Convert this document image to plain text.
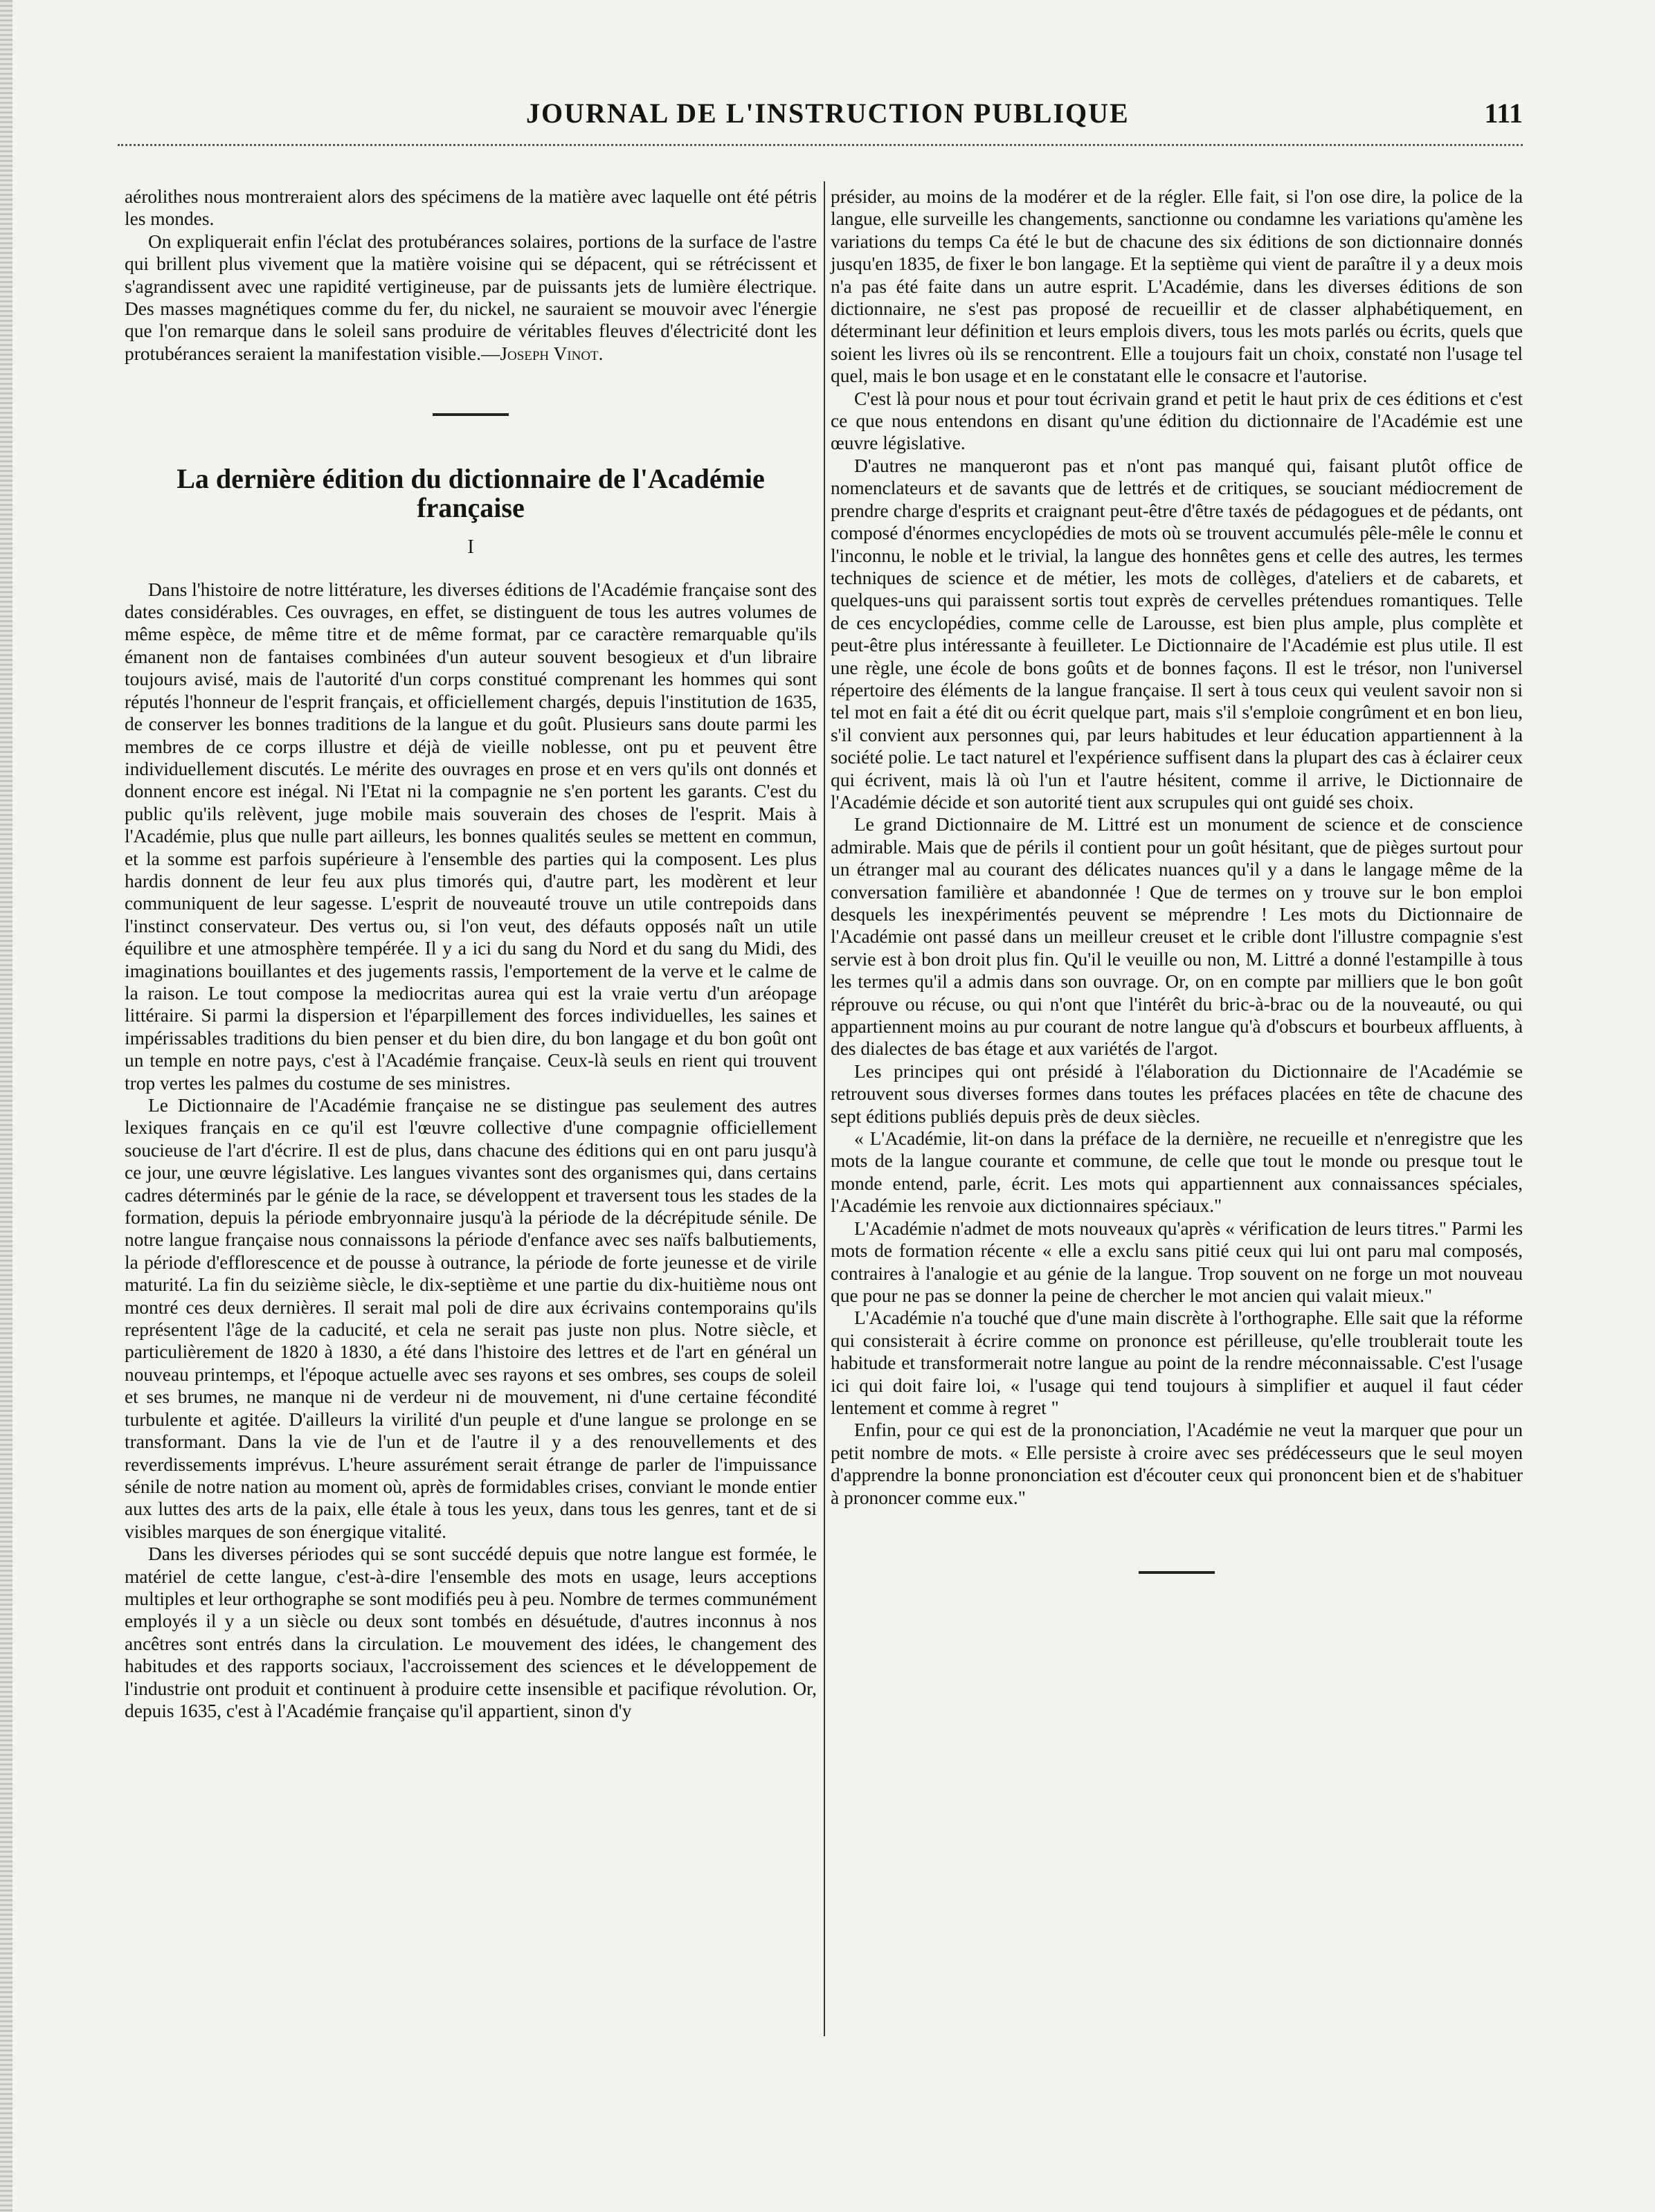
JOURNAL DE L'INSTRUCTION PUBLIQUE	111

aérolithes nous montreraient alors des spécimens de la matière avec laquelle ont été pétris les mondes.

On expliquerait enfin l'éclat des protubérances solaires, portions de la surface de l'astre qui brillent plus vivement que la matière voisine qui se dépacent, qui se rétrécissent et s'agrandissent avec une rapidité vertigineuse, par de puissants jets de lumière électrique. Des masses magnétiques comme du fer, du nickel, ne sauraient se mouvoir avec l'énergie que l'on remarque dans le soleil sans produire de véritables fleuves d'électricité dont les protubérances seraient la manifestation visible.—Joseph Vinot.

La dernière édition du dictionnaire de l'Académie française
I

Dans l'histoire de notre littérature, les diverses éditions de l'Académie française sont des dates considérables. Ces ouvrages, en effet, se distinguent de tous les autres volumes de même espèce, de même titre et de même format, par ce caractère remarquable qu'ils émanent non de fantaises combinées d'un auteur souvent besogieux et d'un libraire toujours avisé, mais de l'autorité d'un corps constitué comprenant les hommes qui sont réputés l'honneur de l'esprit français, et officiellement chargés, depuis l'institution de 1635, de conserver les bonnes traditions de la langue et du goût. Plusieurs sans doute parmi les membres de ce corps illustre et déjà de vieille noblesse, ont pu et peuvent être individuellement discutés. Le mérite des ouvrages en prose et en vers qu'ils ont donnés et donnent encore est inégal. Ni l'Etat ni la compagnie ne s'en portent les garants. C'est du public qu'ils relèvent, juge mobile mais souverain des choses de l'esprit. Mais à l'Académie, plus que nulle part ailleurs, les bonnes qualités seules se mettent en commun, et la somme est parfois supérieure à l'ensemble des parties qui la composent. Les plus hardis donnent de leur feu aux plus timorés qui, d'autre part, les modèrent et leur communiquent de leur sagesse. L'esprit de nouveauté trouve un utile contrepoids dans l'instinct conservateur. Des vertus ou, si l'on veut, des défauts opposés naît un utile équilibre et une atmosphère tempérée. Il y a ici du sang du Nord et du sang du Midi, des imaginations bouillantes et des jugements rassis, l'emportement de la verve et le calme de la raison. Le tout compose la mediocritas aurea qui est la vraie vertu d'un aréopage littéraire. Si parmi la dispersion et l'éparpillement des forces individuelles, les saines et impérissables traditions du bien penser et du bien dire, du bon langage et du bon goût ont un temple en notre pays, c'est à l'Académie française. Ceux-là seuls en rient qui trouvent trop vertes les palmes du costume de ses ministres.

Le Dictionnaire de l'Académie française ne se distingue pas seulement des autres lexiques français en ce qu'il est l'œuvre collective d'une compagnie officiellement soucieuse de l'art d'écrire. Il est de plus, dans chacune des éditions qui en ont paru jusqu'à ce jour, une œuvre législative. Les langues vivantes sont des organismes qui, dans certains cadres déterminés par le génie de la race, se développent et traversent tous les stades de la formation, depuis la période embryonnaire jusqu'à la période de la décrépitude sénile. De notre langue française nous connaissons la période d'enfance avec ses naïfs balbutiements, la période d'efflorescence et de pousse à outrance, la période de forte jeunesse et de virile maturité. La fin du seizième siècle, le dix-septième et une partie du dix-huitième nous ont montré ces deux dernières. Il serait mal poli de dire aux écrivains contemporains qu'ils représentent l'âge de la caducité, et cela ne serait pas juste non plus. Notre siècle, et particulièrement de 1820 à 1830, a été dans l'histoire des lettres et de l'art en général un nouveau printemps, et l'époque actuelle avec ses rayons et ses ombres, ses coups de soleil et ses brumes, ne manque ni de verdeur ni de mouvement, ni d'une certaine fécondité turbulente et agitée. D'ailleurs la virilité d'un peuple et d'une langue se prolonge en se transformant. Dans la vie de l'un et de l'autre il y a des renouvellements et des reverdissements imprévus. L'heure assurément serait étrange de parler de l'impuissance sénile de notre nation au moment où, après de formidables crises, conviant le monde entier aux luttes des arts de la paix, elle étale à tous les yeux, dans tous les genres, tant et de si visibles marques de son énergique vitalité.

Dans les diverses périodes qui se sont succédé depuis que notre langue est formée, le matériel de cette langue, c'est-à-dire l'ensemble des mots en usage, leurs acceptions multiples et leur orthographe se sont modifiés peu à peu. Nombre de termes communément employés il y a un siècle ou deux sont tombés en désuétude, d'autres inconnus à nos ancêtres sont entrés dans la circulation. Le mouvement des idées, le changement des habitudes et des rapports sociaux, l'accroissement des sciences et le développement de l'industrie ont produit et continuent à produire cette insensible et pacifique révolution. Or, depuis 1635, c'est à l'Académie française qu'il appartient, sinon d'y

présider, au moins de la modérer et de la régler. Elle fait, si l'on ose dire, la police de la langue, elle surveille les changements, sanctionne ou condamne les variations qu'amène les variations du temps Ca été le but de chacune des six éditions de son dictionnaire donnés jusqu'en 1835, de fixer le bon langage. Et la septième qui vient de paraître il y a deux mois n'a pas été faite dans un autre esprit. L'Académie, dans les diverses éditions de son dictionnaire, ne s'est pas proposé de recueillir et de classer alphabétiquement, en déterminant leur définition et leurs emplois divers, tous les mots parlés ou écrits, quels que soient les livres où ils se rencontrent. Elle a toujours fait un choix, constaté non l'usage tel quel, mais le bon usage et en le constatant elle le consacre et l'autorise.

C'est là pour nous et pour tout écrivain grand et petit le haut prix de ces éditions et c'est ce que nous entendons en disant qu'une édition du dictionnaire de l'Académie est une œuvre législative.

D'autres ne manqueront pas et n'ont pas manqué qui, faisant plutôt office de nomenclateurs et de savants que de lettrés et de critiques, se souciant médiocrement de prendre charge d'esprits et craignant peut-être d'être taxés de pédagogues et de pédants, ont composé d'énormes encyclopédies de mots où se trouvent accumulés pêle-mêle le connu et l'inconnu, le noble et le trivial, la langue des honnêtes gens et celle des autres, les termes techniques de science et de métier, les mots de collèges, d'ateliers et de cabarets, et quelques-uns qui paraissent sortis tout exprès de cervelles prétendues romantiques. Telle de ces encyclopédies, comme celle de Larousse, est bien plus ample, plus complète et peut-être plus intéressante à feuilleter. Le Dictionnaire de l'Académie est plus utile. Il est une règle, une école de bons goûts et de bonnes façons. Il est le trésor, non l'universel répertoire des éléments de la langue française. Il sert à tous ceux qui veulent savoir non si tel mot en fait a été dit ou écrit quelque part, mais s'il s'emploie congrûment et en bon lieu, s'il convient aux personnes qui, par leurs habitudes et leur éducation appartiennent à la société polie. Le tact naturel et l'expérience suffisent dans la plupart des cas à éclairer ceux qui écrivent, mais là où l'un et l'autre hésitent, comme il arrive, le Dictionnaire de l'Académie décide et son autorité tient aux scrupules qui ont guidé ses choix.

Le grand Dictionnaire de M. Littré est un monument de science et de conscience admirable. Mais que de périls il contient pour un goût hésitant, que de pièges surtout pour un étranger mal au courant des délicates nuances qu'il y a dans le langage même de la conversation familière et abandonnée ! Que de termes on y trouve sur le bon emploi desquels les inexpérimentés peuvent se méprendre ! Les mots du Dictionnaire de l'Académie ont passé dans un meilleur creuset et le crible dont l'illustre compagnie s'est servie est à bon droit plus fin. Qu'il le veuille ou non, M. Littré a donné l'estampille à tous les termes qu'il a admis dans son ouvrage. Or, on en compte par milliers que le bon goût réprouve ou récuse, ou qui n'ont que l'intérêt du bric-à-brac ou de la nouveauté, ou qui appartiennent moins au pur courant de notre langue qu'à d'obscurs et bourbeux affluents, à des dialectes de bas étage et aux variétés de l'argot.

Les principes qui ont présidé à l'élaboration du Dictionnaire de l'Académie se retrouvent sous diverses formes dans toutes les préfaces placées en tête de chacune des sept éditions publiés depuis près de deux siècles.

« L'Académie, lit-on dans la préface de la dernière, ne recueille et n'enregistre que les mots de la langue courante et commune, de celle que tout le monde ou presque tout le monde entend, parle, écrit. Les mots qui appartiennent aux connaissances spéciales, l'Académie les renvoie aux dictionnaires spéciaux."

L'Académie n'admet de mots nouveaux qu'après « vérification de leurs titres." Parmi les mots de formation récente « elle a exclu sans pitié ceux qui lui ont paru mal composés, contraires à l'analogie et au génie de la langue. Trop souvent on ne forge un mot nouveau que pour ne pas se donner la peine de chercher le mot ancien qui valait mieux."

L'Académie n'a touché que d'une main discrète à l'orthographe. Elle sait que la réforme qui consisterait à écrire comme on prononce est périlleuse, qu'elle troublerait toute les habitude et transformerait notre langue au point de la rendre méconnaissable. C'est l'usage ici qui doit faire loi, « l'usage qui tend toujours à simplifier et auquel il faut céder lentement et comme à regret "

Enfin, pour ce qui est de la prononciation, l'Académie ne veut la marquer que pour un petit nombre de mots. « Elle persiste à croire avec ses prédécesseurs que le seul moyen d'apprendre la bonne prononciation est d'écouter ceux qui prononcent bien et de s'habituer à prononcer comme eux."
